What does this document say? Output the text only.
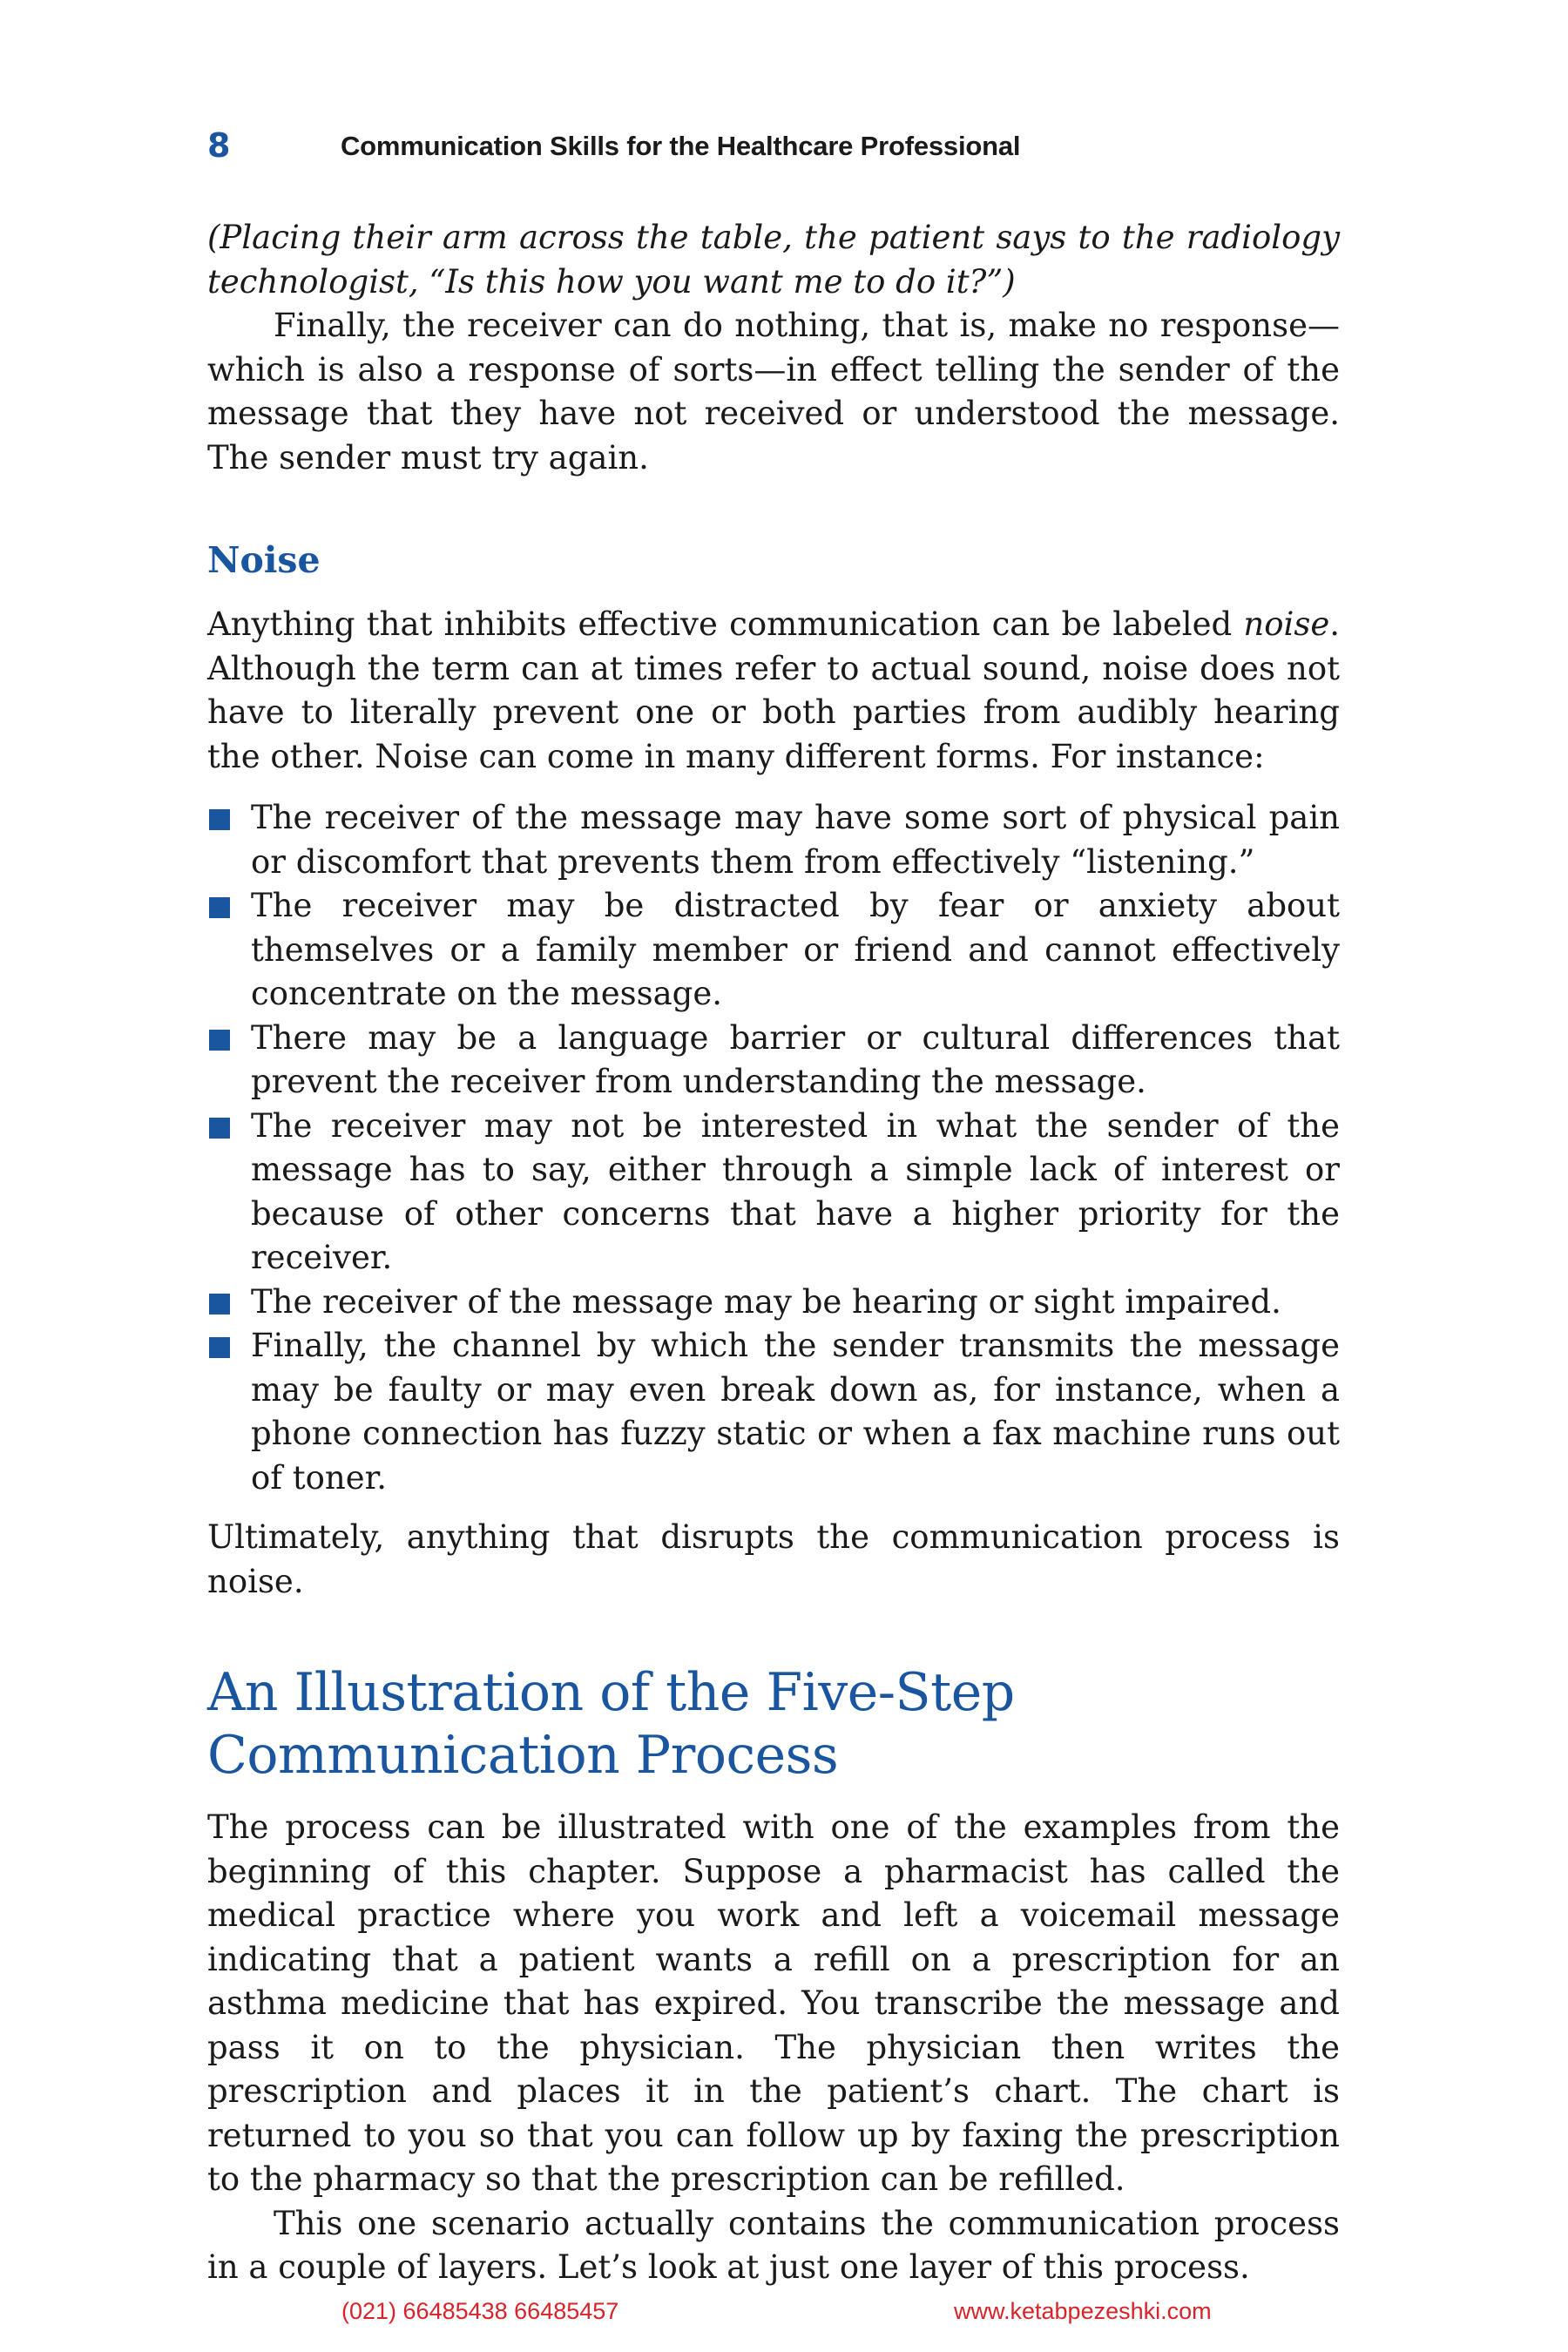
8	Communication Skills for the Healthcare Professional

(Placing their arm across the table, the patient says to the radiology technologist, “Is this how you want me to do it?”)

Finally, the receiver can do nothing, that is, make no response—which is also a response of sorts—in effect telling the sender of the message that they have not received or understood the message. The sender must try again.

Noise

Anything that inhibits effective communication can be labeled noise. Although the term can at times refer to actual sound, noise does not have to literally prevent one or both parties from audibly hearing the other. Noise can come in many different forms. For instance:

The receiver of the message may have some sort of physical pain or discomfort that prevents them from effectively “listening.”
The receiver may be distracted by fear or anxiety about themselves or a family member or friend and cannot effectively concentrate on the message.
There may be a language barrier or cultural differences that prevent the receiver from understanding the message.
The receiver may not be interested in what the sender of the message has to say, either through a simple lack of interest or because of other concerns that have a higher priority for the receiver.
The receiver of the message may be hearing or sight impaired.
Finally, the channel by which the sender transmits the message may be faulty or may even break down as, for instance, when a phone connection has fuzzy static or when a fax machine runs out of toner.

Ultimately, anything that disrupts the communication process is noise.

An Illustration of the Five-Step
Communication Process

The process can be illustrated with one of the examples from the beginning of this chapter. Suppose a pharmacist has called the medical practice where you work and left a voicemail message indicating that a patient wants a refill on a prescription for an asthma medicine that has expired. You transcribe the message and pass it on to the physician. The physician then writes the prescription and places it in the patient’s chart. The chart is returned to you so that you can follow up by faxing the prescription to the pharmacy so that the prescription can be refilled.

This one scenario actually contains the communication process in a couple of layers. Let’s look at just one layer of this process.

(021) 66485438 66485457	www.ketabpezeshki.com
